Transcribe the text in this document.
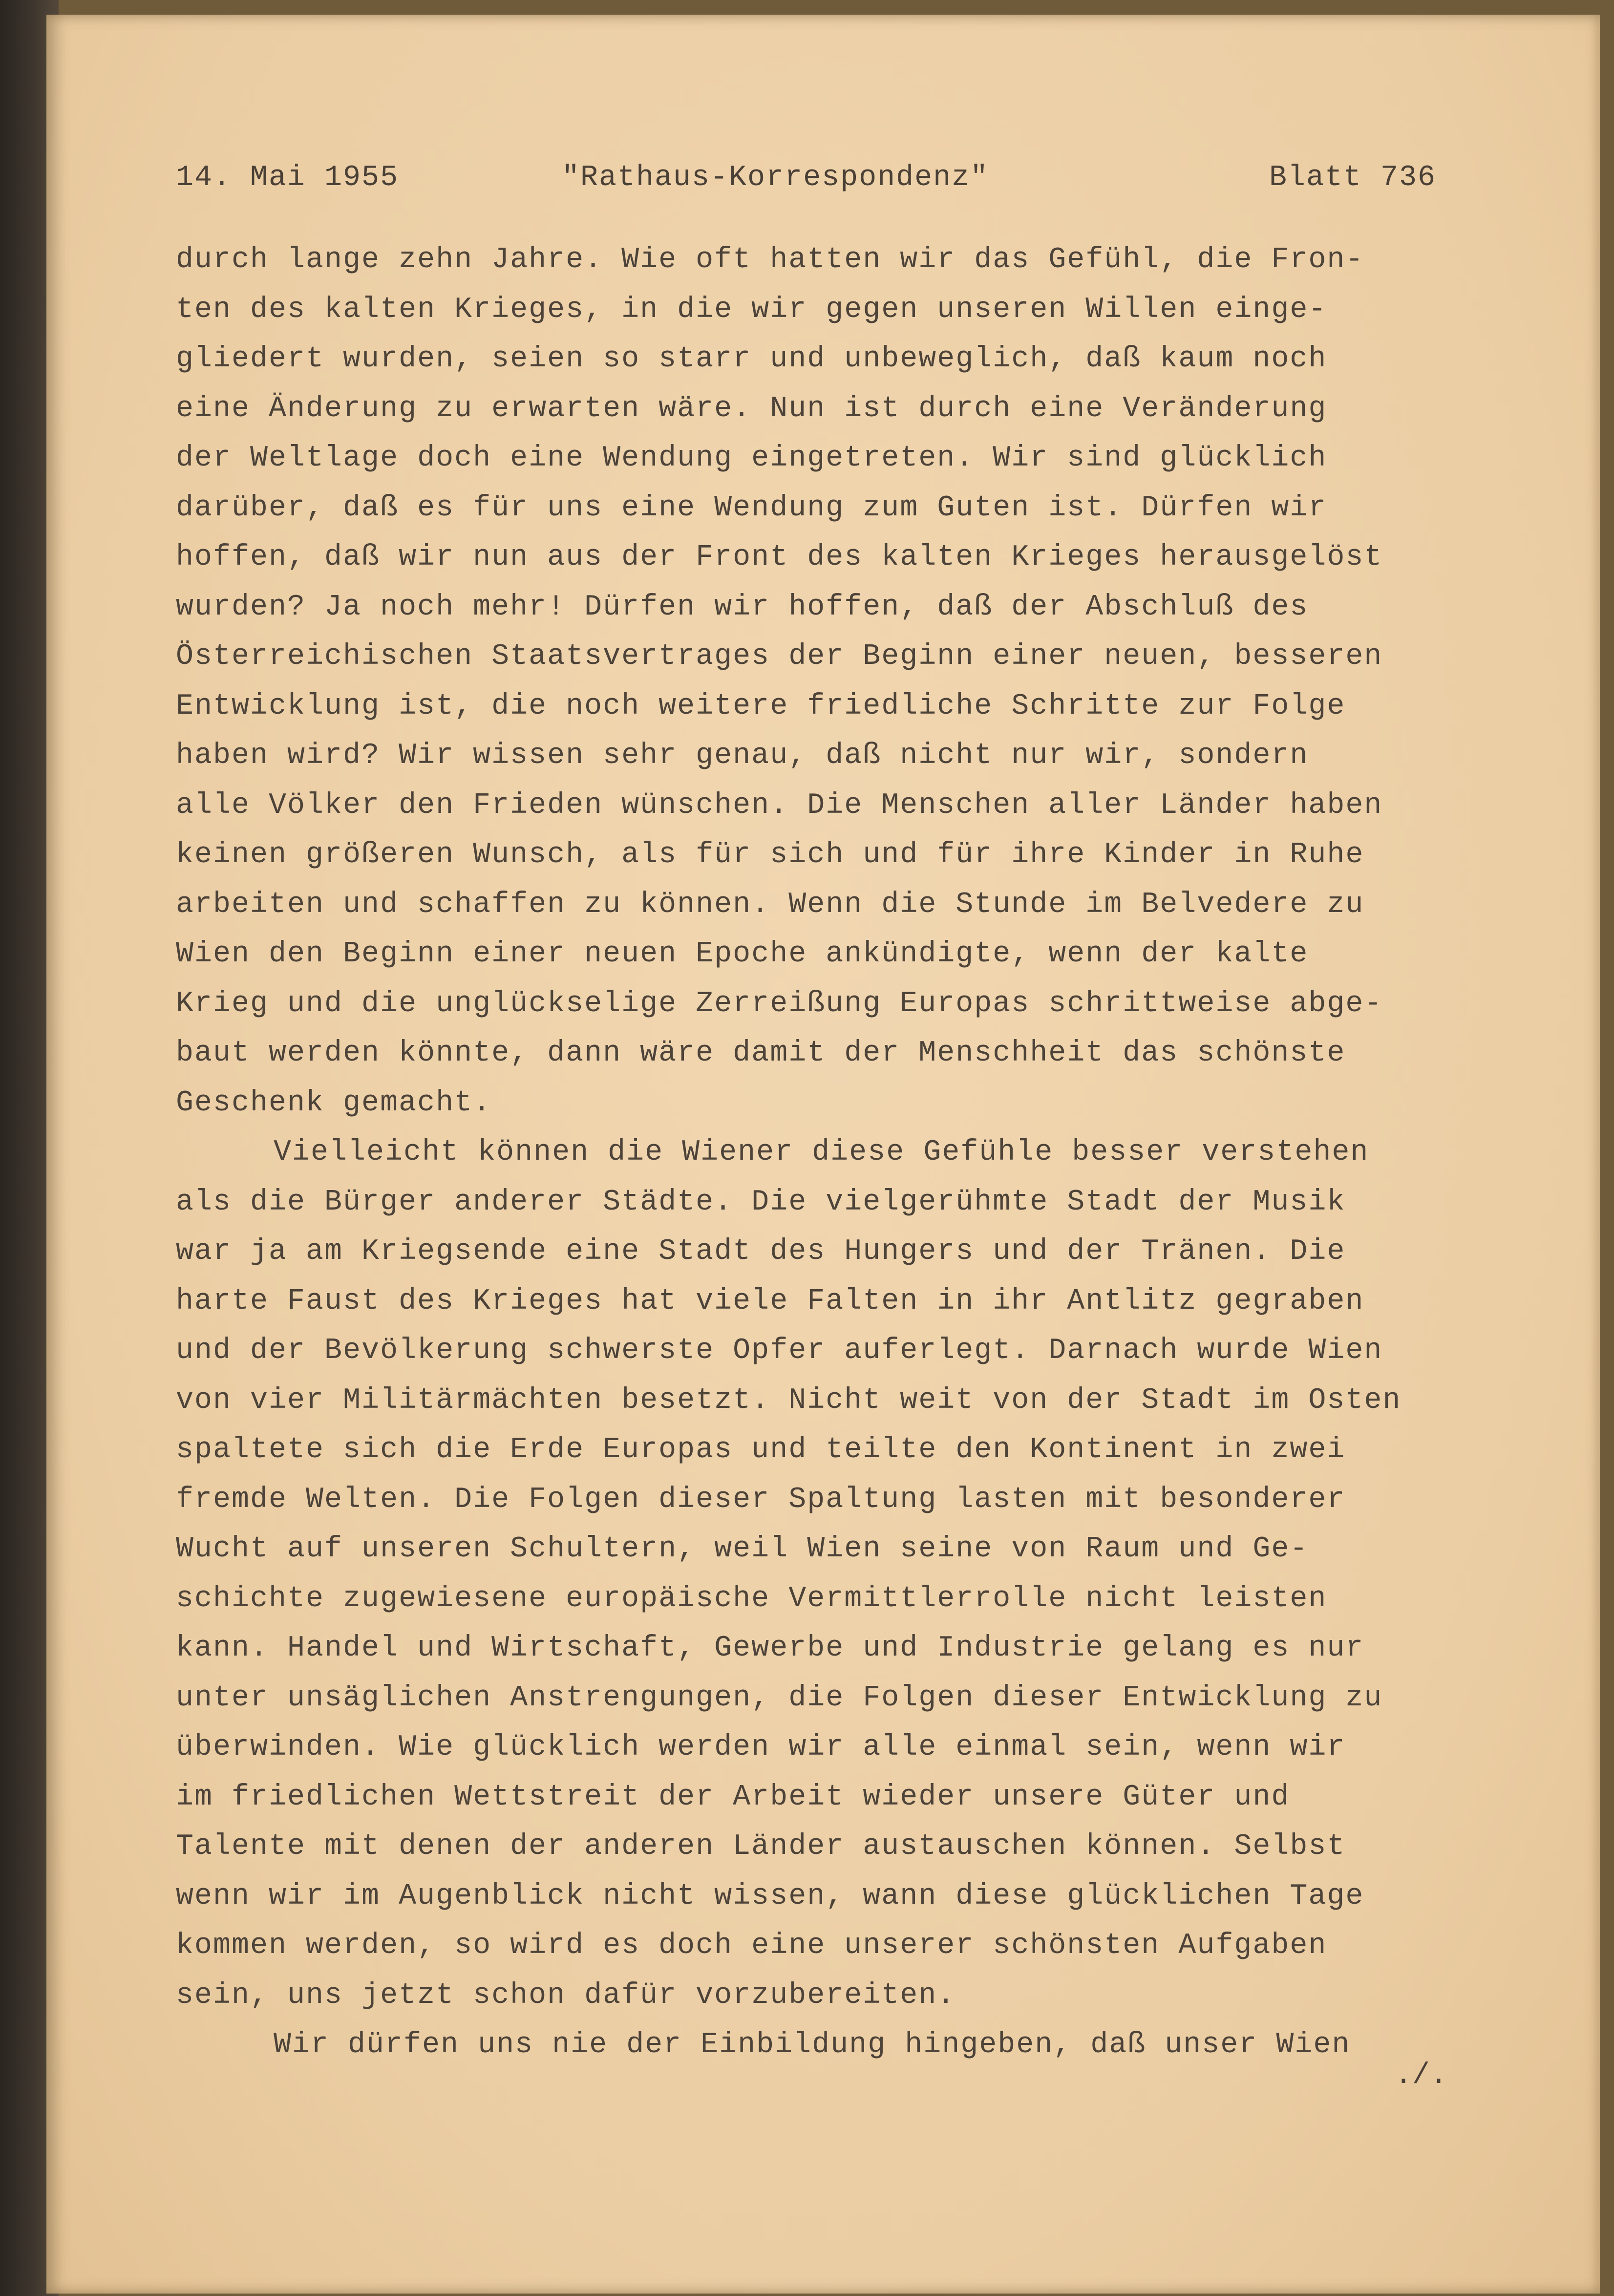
14. Mai 1955	"Rathaus-Korrespondenz"	Blatt 736
durch lange zehn Jahre. Wie oft hatten wir das Gefühl, die Fron-
ten des kalten Krieges, in die wir gegen unseren Willen einge-
gliedert wurden, seien so starr und unbeweglich, daß kaum noch
eine Änderung zu erwarten wäre. Nun ist durch eine Veränderung
der Weltlage doch eine Wendung eingetreten. Wir sind glücklich
darüber, daß es für uns eine Wendung zum Guten ist. Dürfen wir
hoffen, daß wir nun aus der Front des kalten Krieges herausgelöst
wurden? Ja noch mehr! Dürfen wir hoffen, daß der Abschluß des
Österreichischen Staatsvertrages der Beginn einer neuen, besseren
Entwicklung ist, die noch weitere friedliche Schritte zur Folge
haben wird? Wir wissen sehr genau, daß nicht nur wir, sondern
alle Völker den Frieden wünschen. Die Menschen aller Länder haben
keinen größeren Wunsch, als für sich und für ihre Kinder in Ruhe
arbeiten und schaffen zu können. Wenn die Stunde im Belvedere zu
Wien den Beginn einer neuen Epoche ankündigte, wenn der kalte
Krieg und die unglückselige Zerreißung Europas schrittweise abge-
baut werden könnte, dann wäre damit der Menschheit das schönste
Geschenk gemacht.
Vielleicht können die Wiener diese Gefühle besser verstehen
als die Bürger anderer Städte. Die vielgerühmte Stadt der Musik
war ja am Kriegsende eine Stadt des Hungers und der Tränen. Die
harte Faust des Krieges hat viele Falten in ihr Antlitz gegraben
und der Bevölkerung schwerste Opfer auferlegt. Darnach wurde Wien
von vier Militärmächten besetzt. Nicht weit von der Stadt im Osten
spaltete sich die Erde Europas und teilte den Kontinent in zwei
fremde Welten. Die Folgen dieser Spaltung lasten mit besonderer
Wucht auf unseren Schultern, weil Wien seine von Raum und Ge-
schichte zugewiesene europäische Vermittlerrolle nicht leisten
kann. Handel und Wirtschaft, Gewerbe und Industrie gelang es nur
unter unsäglichen Anstrengungen, die Folgen dieser Entwicklung zu
überwinden. Wie glücklich werden wir alle einmal sein, wenn wir
im friedlichen Wettstreit der Arbeit wieder unsere Güter und
Talente mit denen der anderen Länder austauschen können. Selbst
wenn wir im Augenblick nicht wissen, wann diese glücklichen Tage
kommen werden, so wird es doch eine unserer schönsten Aufgaben
sein, uns jetzt schon dafür vorzubereiten.
Wir dürfen uns nie der Einbildung hingeben, daß unser Wien
./.
